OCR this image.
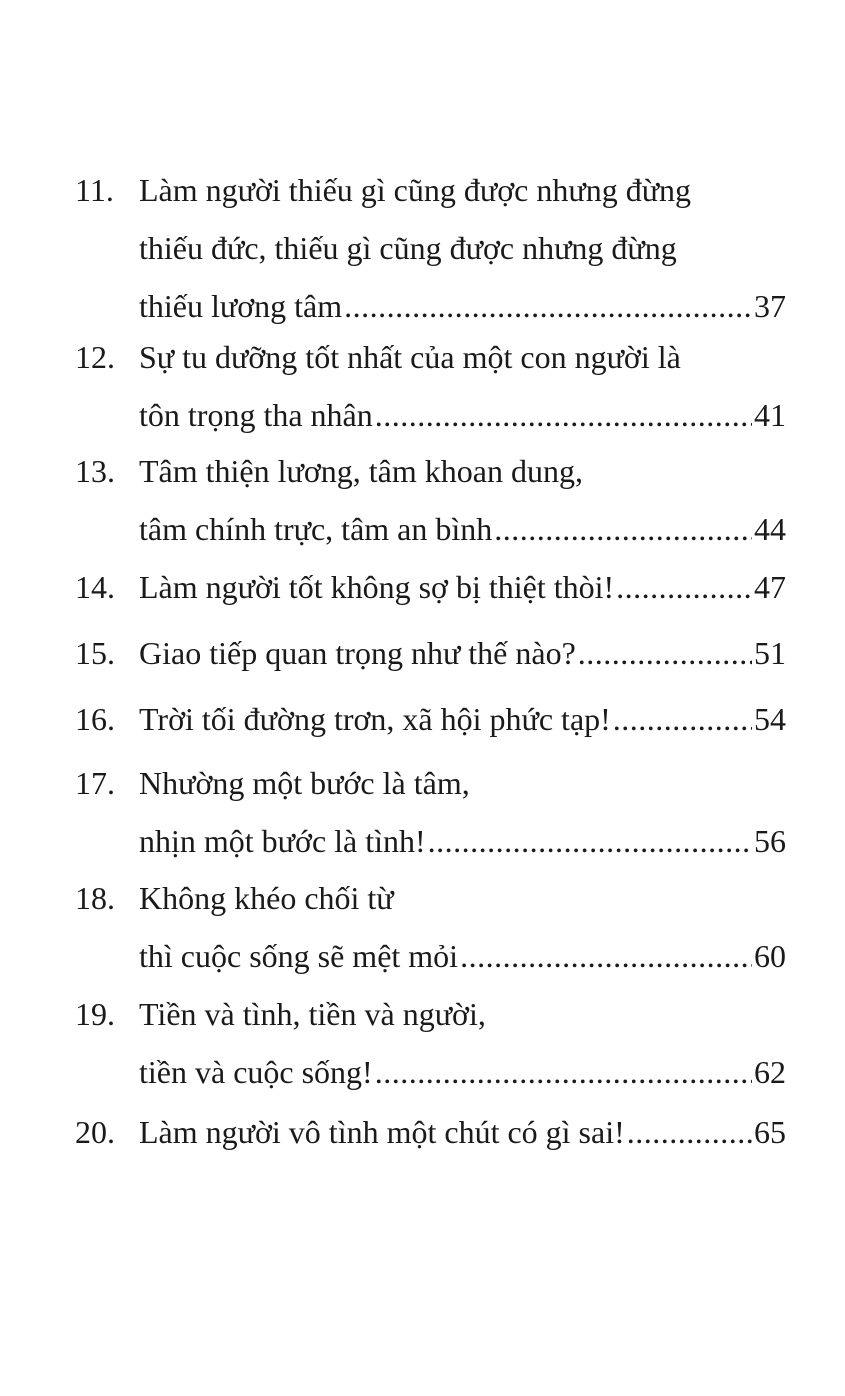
11. Làm người thiếu gì cũng được nhưng đừng
thiếu đức, thiếu gì cũng được nhưng đừng
thiếu lương tâm .....	37
12. Sự tu dưỡng tốt nhất của một con người là
tôn trọng tha nhân .....	41
13. Tâm thiện lương, tâm khoan dung,
tâm chính trực, tâm an bình .....	44
14. Làm người tốt không sợ bị thiệt thòi! .....	47
15. Giao tiếp quan trọng như thế nào? .....	51
16. Trời tối đường trơn, xã hội phức tạp! .....	54
17. Nhường một bước là tâm,
nhịn một bước là tình! .....	56
18. Không khéo chối từ
thì cuộc sống sẽ mệt mỏi .....	60
19. Tiền và tình, tiền và người,
tiền và cuộc sống! .....	62
20. Làm người vô tình một chút có gì sai! .....	65
